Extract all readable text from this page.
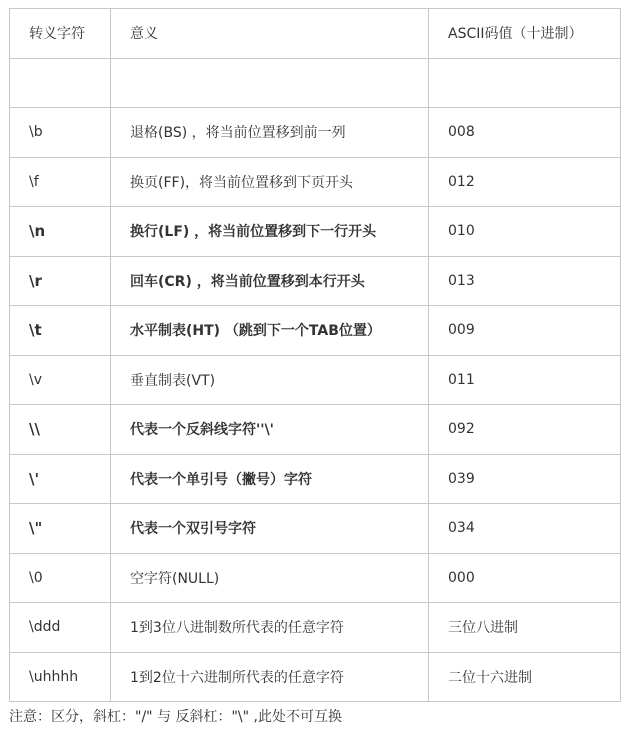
转义字符	意义	ASCII码值（十进制）

\b	退格(BS) ，将当前位置移到前一列	008
\f	换页(FF)，将当前位置移到下页开头	012
\n	换行(LF) ，将当前位置移到下一行开头	010
\r	回车(CR) ，将当前位置移到本行开头	013
\t	水平制表(HT) （跳到下一个TAB位置）	009
\v	垂直制表(VT)	011
\\	代表一个反斜线字符''\'	092
\'	代表一个单引号（撇号）字符	039
\"	代表一个双引号字符	034
\0	空字符(NULL)	000
\ddd	1到3位八进制数所代表的任意字符	三位八进制
\uhhhh	1到2位十六进制所代表的任意字符	二位十六进制
注意：区分，斜杠："/" 与 反斜杠："\" ,此处不可互换
